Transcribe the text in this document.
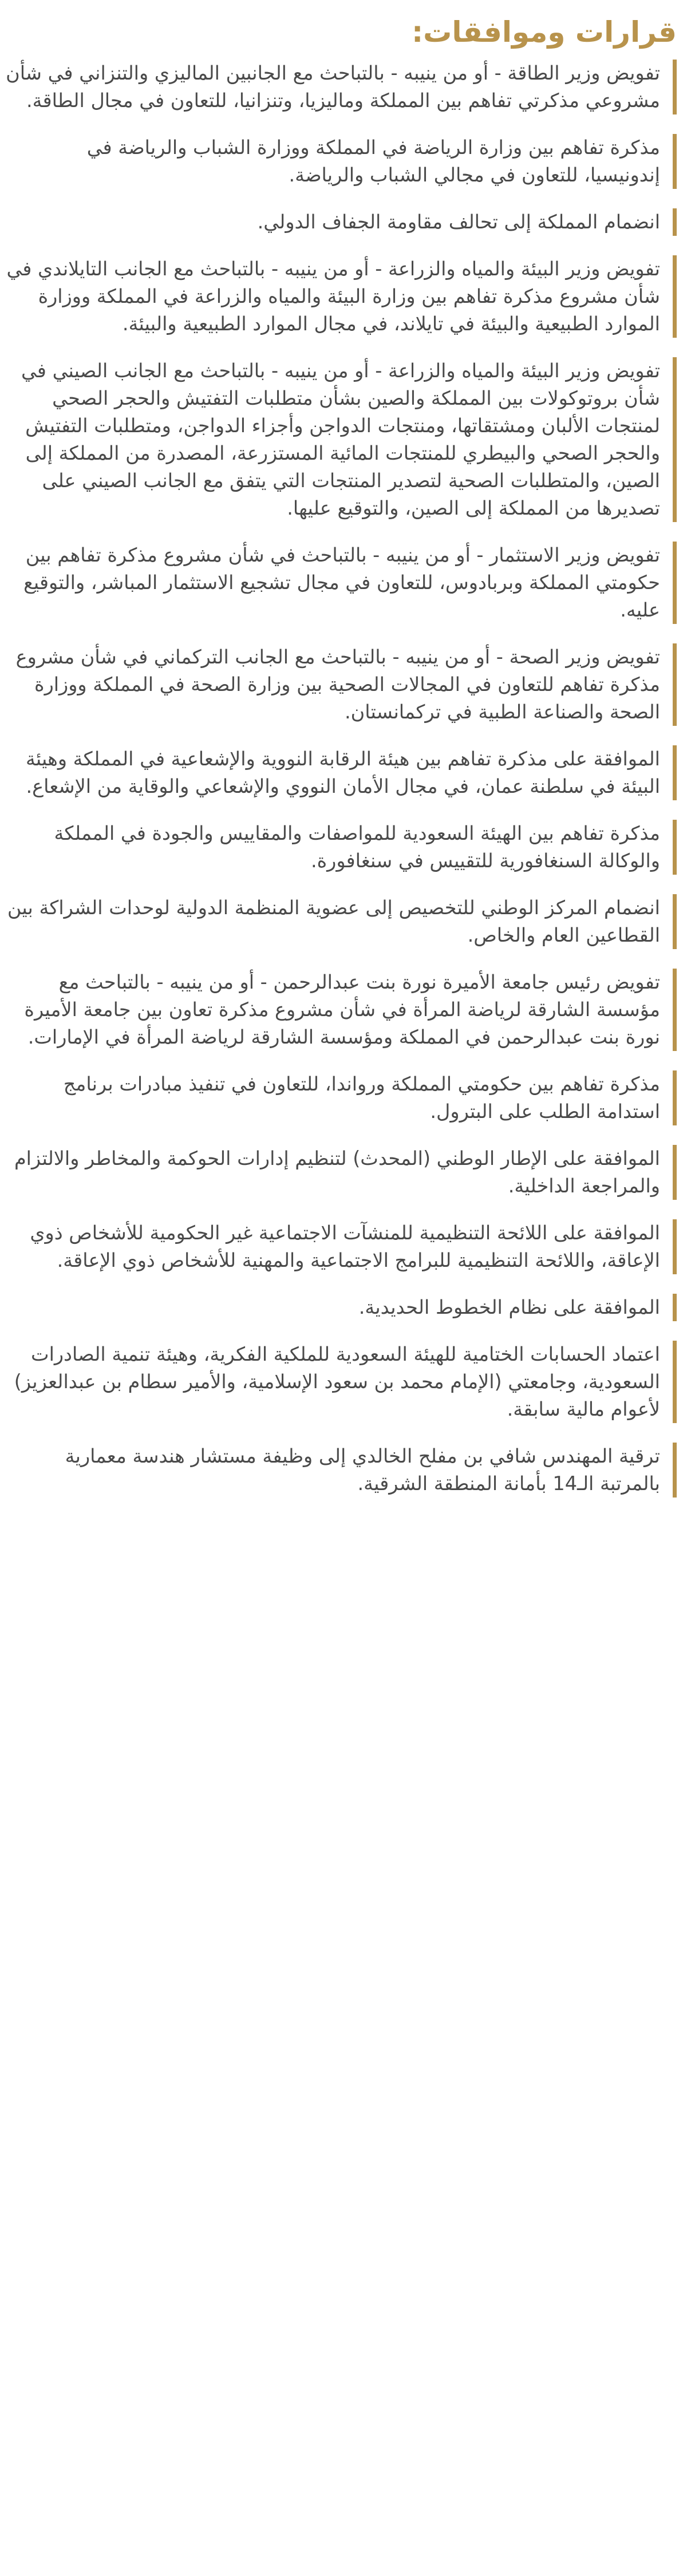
قرارات وموافقات:
تفويض وزير الطاقة - أو من ينيبه - بالتباحث مع الجانبين الماليزي والتنزاني في شأن مشروعي مذكرتي تفاهم بين المملكة وماليزيا، وتنزانيا، للتعاون في مجال الطاقة.
مذكرة تفاهم بين وزارة الرياضة في المملكة ووزارة الشباب والرياضة في إندونيسيا، للتعاون في مجالي الشباب والرياضة.
انضمام المملكة إلى تحالف مقاومة الجفاف الدولي.
تفويض وزير البيئة والمياه والزراعة - أو من ينيبه - بالتباحث مع الجانب التايلاندي في شأن مشروع مذكرة تفاهم بين وزارة البيئة والمياه والزراعة في المملكة ووزارة الموارد الطبيعية والبيئة في تايلاند، في مجال الموارد الطبيعية والبيئة.
تفويض وزير البيئة والمياه والزراعة - أو من ينيبه - بالتباحث مع الجانب الصيني في شأن بروتوكولات بين المملكة والصين بشأن متطلبات التفتيش والحجر الصحي لمنتجات الألبان ومشتقاتها، ومنتجات الدواجن وأجزاء الدواجن، ومتطلبات التفتيش والحجر الصحي والبيطري للمنتجات المائية المستزرعة، المصدرة من المملكة إلى الصين، والمتطلبات الصحية لتصدير المنتجات التي يتفق مع الجانب الصيني على تصديرها من المملكة إلى الصين، والتوقيع عليها.
تفويض وزير الاستثمار - أو من ينيبه - بالتباحث في شأن مشروع مذكرة تفاهم بين حكومتي المملكة وبربادوس، للتعاون في مجال تشجيع الاستثمار المباشر، والتوقيع عليه.
تفويض وزير الصحة - أو من ينيبه - بالتباحث مع الجانب التركماني في شأن مشروع مذكرة تفاهم للتعاون في المجالات الصحية بين وزارة الصحة في المملكة ووزارة الصحة والصناعة الطبية في تركمانستان.
الموافقة على مذكرة تفاهم بين هيئة الرقابة النووية والإشعاعية في المملكة وهيئة البيئة في سلطنة عمان، في مجال الأمان النووي والإشعاعي والوقاية من الإشعاع.
مذكرة تفاهم بين الهيئة السعودية للمواصفات والمقاييس والجودة في المملكة والوكالة السنغافورية للتقييس في سنغافورة.
انضمام المركز الوطني للتخصيص إلى عضوية المنظمة الدولية لوحدات الشراكة بين القطاعين العام والخاص.
تفويض رئيس جامعة الأميرة نورة بنت عبدالرحمن - أو من ينيبه - بالتباحث مع مؤسسة الشارقة لرياضة المرأة في شأن مشروع مذكرة تعاون بين جامعة الأميرة نورة بنت عبدالرحمن في المملكة ومؤسسة الشارقة لرياضة المرأة في الإمارات.
مذكرة تفاهم بين حكومتي المملكة ورواندا، للتعاون في تنفيذ مبادرات برنامج استدامة الطلب على البترول.
الموافقة على الإطار الوطني (المحدث) لتنظيم إدارات الحوكمة والمخاطر والالتزام والمراجعة الداخلية.
الموافقة على اللائحة التنظيمية للمنشآت الاجتماعية غير الحكومية للأشخاص ذوي الإعاقة، واللائحة التنظيمية للبرامج الاجتماعية والمهنية للأشخاص ذوي الإعاقة.
الموافقة على نظام الخطوط الحديدية.
اعتماد الحسابات الختامية للهيئة السعودية للملكية الفكرية، وهيئة تنمية الصادرات السعودية، وجامعتي (الإمام محمد بن سعود الإسلامية، والأمير سطام بن عبدالعزيز) لأعوام مالية سابقة.
ترقية المهندس شافي بن مفلح الخالدي إلى وظيفة مستشار هندسة معمارية بالمرتبة الـ14 بأمانة المنطقة الشرقية.
